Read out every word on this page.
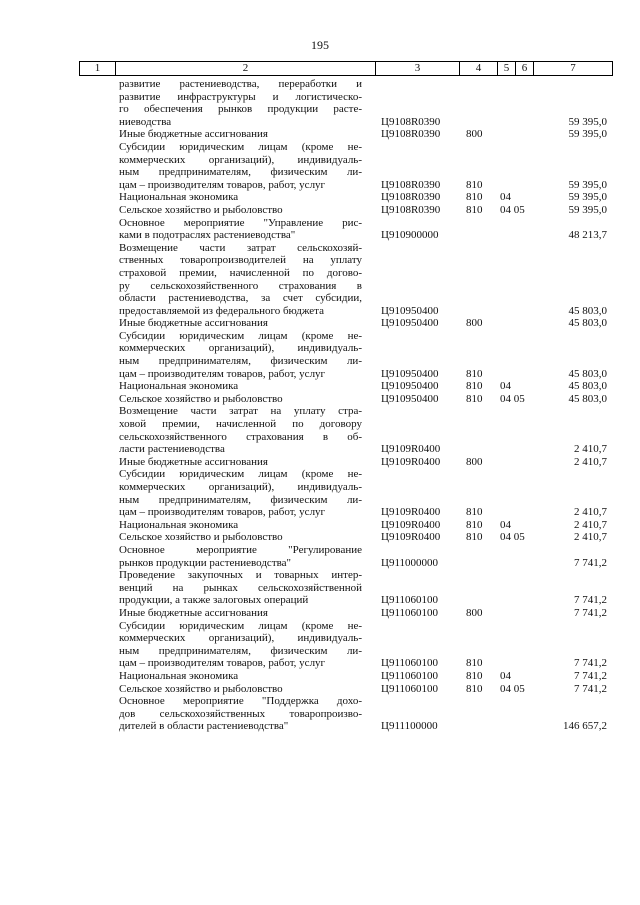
195
1	2	3	4	5	6	7
развитие растениеводства, переработки и
развитие инфраструктуры и логистическо-
го обеспечения рынков продукции расте-
ниеводства	Ц9108R0390	59 395,0
Иные бюджетные ассигнования	Ц9108R0390 800	59 395,0
Субсидии юридическим лицам (кроме не-
коммерческих организаций), индивидуаль-
ным предпринимателям, физическим ли-
цам – производителям товаров, работ, услуг	Ц9108R0390 810	59 395,0
Национальная экономика	Ц9108R0390 810 04	59 395,0
Сельское хозяйство и рыболовство	Ц9108R0390 810 04 05	59 395,0
Основное мероприятие "Управление рис-
ками в подотраслях растениеводства"	Ц910900000	48 213,7
Возмещение части затрат сельскохозяй-
ственных товаропроизводителей на уплату
страховой премии, начисленной по догово-
ру сельскохозяйственного страхования в
области растениеводства, за счет субсидии,
предоставляемой из федерального бюджета	Ц910950400	45 803,0
Иные бюджетные ассигнования	Ц910950400	800	45 803,0
Субсидии юридическим лицам (кроме не-
коммерческих организаций), индивидуаль-
ным предпринимателям, физическим ли-
цам – производителям товаров, работ, услуг	Ц910950400	810	45 803,0
Национальная экономика	Ц910950400	810 04	45 803,0
Сельское хозяйство и рыболовство	Ц910950400	810 04 05	45 803,0
Возмещение части затрат на уплату стра-
ховой премии, начисленной по договору
сельскохозяйственного страхования в об-
ласти растениеводства	Ц9109R0400	2 410,7
Иные бюджетные ассигнования	Ц9109R0400 800	2 410,7
Субсидии юридическим лицам (кроме не-
коммерческих организаций), индивидуаль-
ным предпринимателям, физическим ли-
цам – производителям товаров, работ, услуг	Ц9109R0400 810	2 410,7
Национальная экономика	Ц9109R0400 810 04	2 410,7
Сельское хозяйство и рыболовство	Ц9109R0400 810 04 05	2 410,7
Основное мероприятие "Регулирование
рынков продукции растениеводства"	Ц911000000	7 741,2
Проведение закупочных и товарных интер-
венций на рынках сельскохозяйственной
продукции, а также залоговых операций	Ц911060100	7 741,2
Иные бюджетные ассигнования	Ц911060100	800	7 741,2
Субсидии юридическим лицам (кроме не-
коммерческих организаций), индивидуаль-
ным предпринимателям, физическим ли-
цам – производителям товаров, работ, услуг	Ц911060100	810	7 741,2
Национальная экономика	Ц911060100	810 04	7 741,2
Сельское хозяйство и рыболовство	Ц911060100	810 04 05	7 741,2
Основное мероприятие "Поддержка дохо-
дов сельскохозяйственных товаропроизво-
дителей в области растениеводства"	Ц911100000	146 657,2
